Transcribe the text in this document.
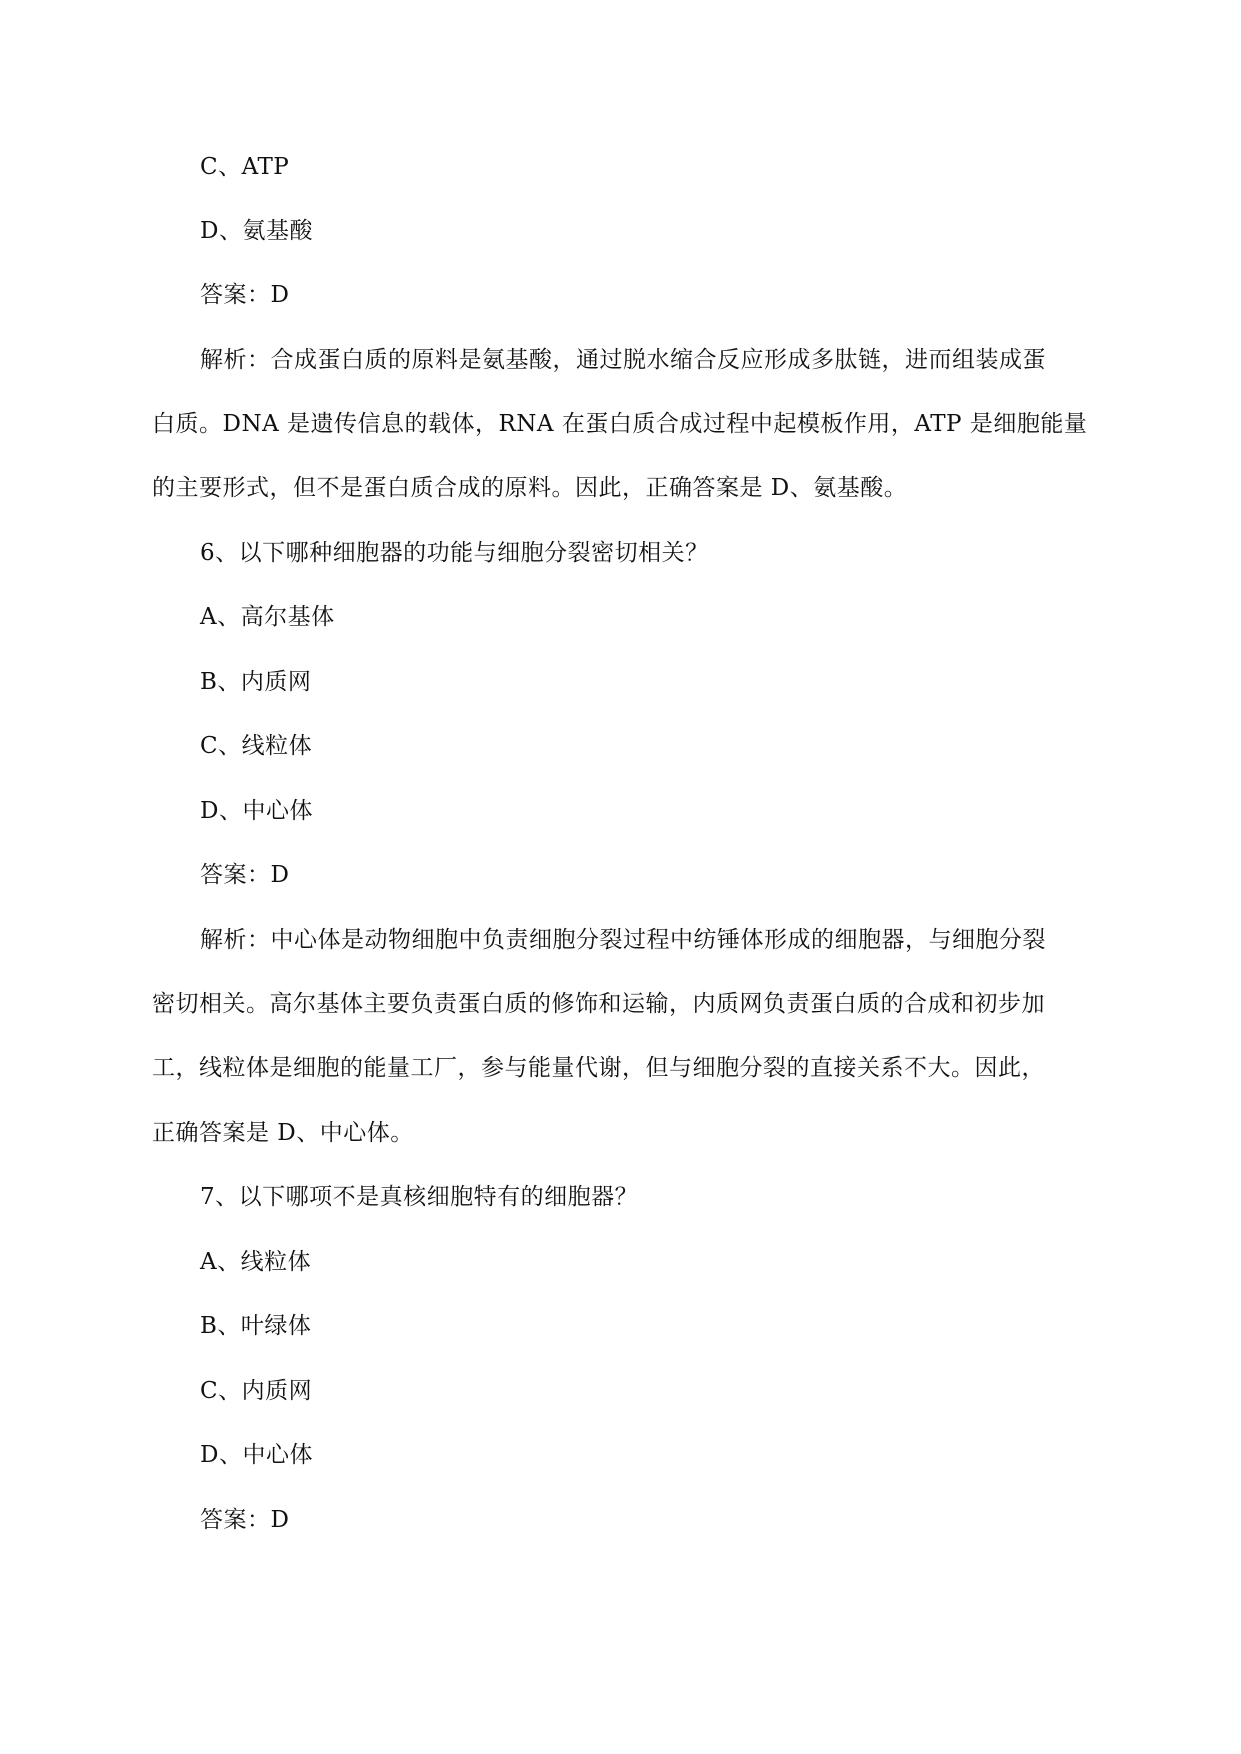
C、ATP
D、氨基酸
答案：D
解析：合成蛋白质的原料是氨基酸，通过脱水缩合反应形成多肽链，进而组装成蛋
白质。DNA 是遗传信息的载体，RNA 在蛋白质合成过程中起模板作用，ATP 是细胞能量
的主要形式，但不是蛋白质合成的原料。因此，正确答案是 D、氨基酸。
6、以下哪种细胞器的功能与细胞分裂密切相关？
A、高尔基体
B、内质网
C、线粒体
D、中心体
答案：D
解析：中心体是动物细胞中负责细胞分裂过程中纺锤体形成的细胞器，与细胞分裂
密切相关。高尔基体主要负责蛋白质的修饰和运输，内质网负责蛋白质的合成和初步加
工，线粒体是细胞的能量工厂，参与能量代谢，但与细胞分裂的直接关系不大。因此，
正确答案是 D、中心体。
7、以下哪项不是真核细胞特有的细胞器？
A、线粒体
B、叶绿体
C、内质网
D、中心体
答案：D
